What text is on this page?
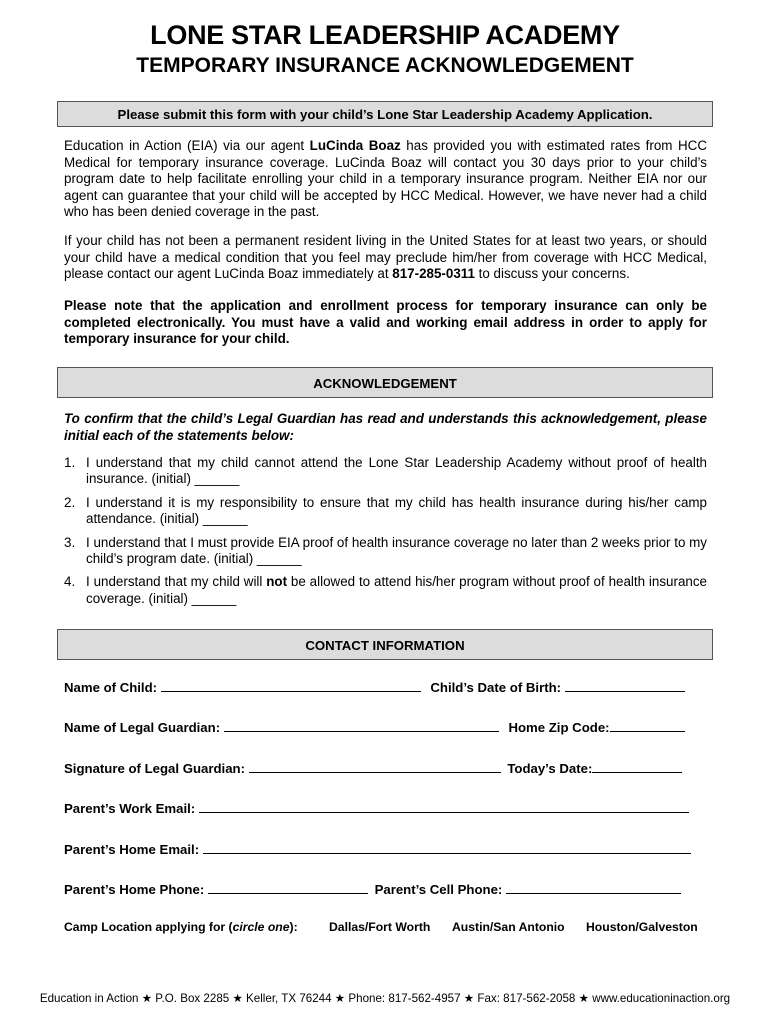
LONE STAR LEADERSHIP ACADEMY
TEMPORARY INSURANCE ACKNOWLEDGEMENT
Please submit this form with your child’s Lone Star Leadership Academy Application.
Education in Action (EIA) via our agent LuCinda Boaz has provided you with estimated rates from HCC Medical for temporary insurance coverage. LuCinda Boaz will contact you 30 days prior to your child’s program date to help facilitate enrolling your child in a temporary insurance program. Neither EIA nor our agent can guarantee that your child will be accepted by HCC Medical. However, we have never had a child who has been denied coverage in the past.
If your child has not been a permanent resident living in the United States for at least two years, or should your child have a medical condition that you feel may preclude him/her from coverage with HCC Medical, please contact our agent LuCinda Boaz immediately at 817-285-0311 to discuss your concerns.
Please note that the application and enrollment process for temporary insurance can only be completed electronically. You must have a valid and working email address in order to apply for temporary insurance for your child.
ACKNOWLEDGEMENT
To confirm that the child’s Legal Guardian has read and understands this acknowledgement, please initial each of the statements below:
1. I understand that my child cannot attend the Lone Star Leadership Academy without proof of health insurance. (initial) ______
2. I understand it is my responsibility to ensure that my child has health insurance during his/her camp attendance. (initial) ______
3. I understand that I must provide EIA proof of health insurance coverage no later than 2 weeks prior to my child’s program date. (initial) ______
4. I understand that my child will not be allowed to attend his/her program without proof of health insurance coverage. (initial) ______
CONTACT INFORMATION
Name of Child:	Child’s Date of Birth:
Name of Legal Guardian:	Home Zip Code:
Signature of Legal Guardian:	Today’s Date:
Parent’s Work Email:
Parent’s Home Email:
Parent’s Home Phone:	Parent’s Cell Phone:
Camp Location applying for (circle one):	Dallas/Fort Worth Austin/San Antonio Houston/Galveston
Education in Action ★ P.O. Box 2285 ★ Keller, TX 76244 ★ Phone: 817-562-4957 ★ Fax: 817-562-2058 ★ www.educationinaction.org
